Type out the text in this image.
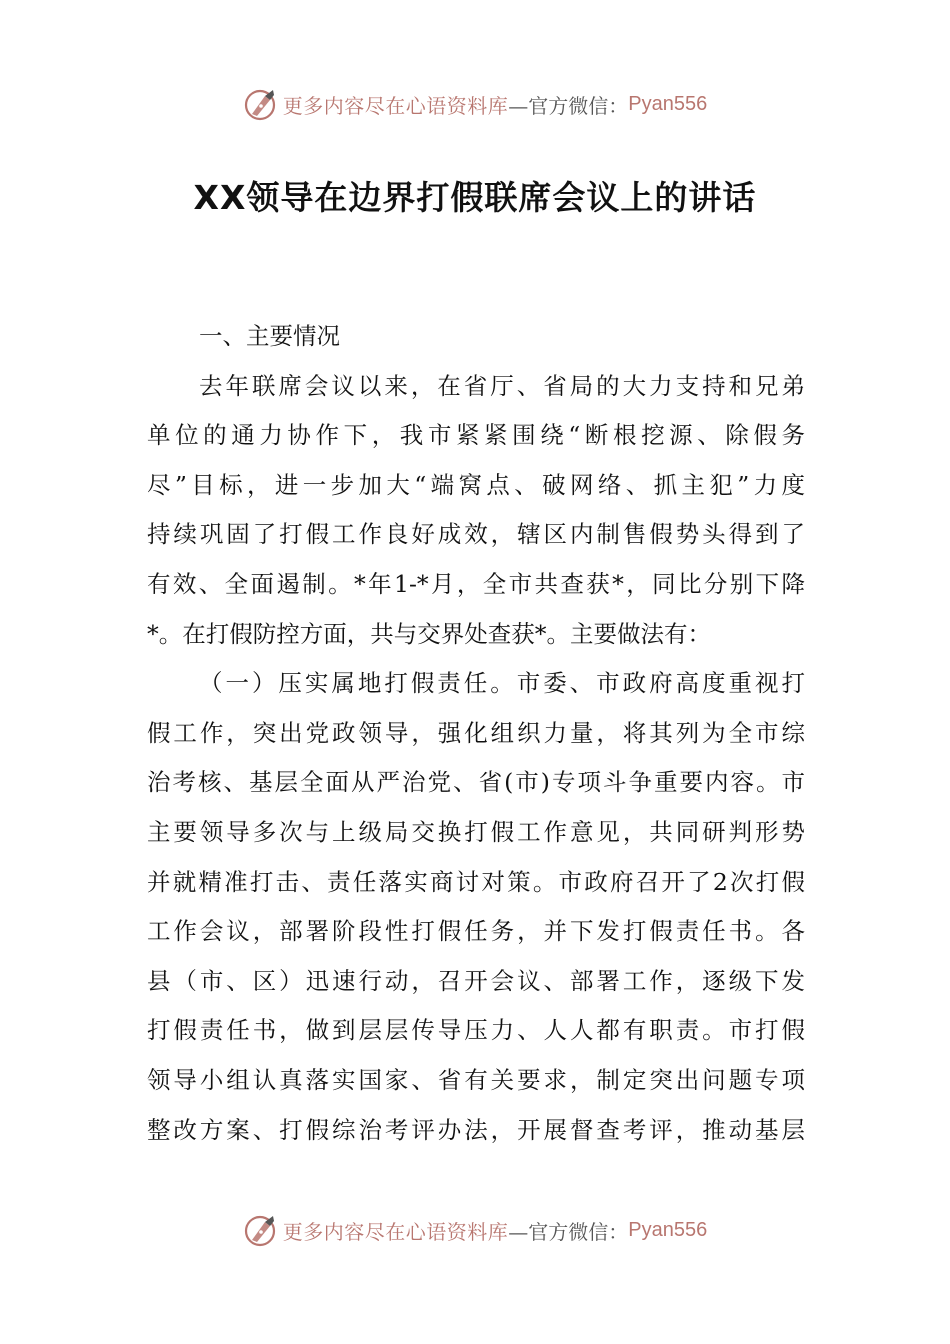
更多内容尽在心语资料库 —官方微信： Pyan556
XX领导在边界打假联席会议上的讲话
一、主要情况
去年联席会议以来，在省厅、省局的大力支持和兄弟
单位的通力协作下，我市紧紧围绕“断根挖源、除假务
尽”目标，进一步加大“端窝点、破网络、抓主犯”力度
持续巩固了打假工作良好成效，辖区内制售假势头得到了
有效、全面遏制。*年1-*月，全市共查获*，同比分别下降
*。在打假防控方面，共与交界处查获*。主要做法有：
（一）压实属地打假责任。市委、市政府高度重视打
假工作，突出党政领导，强化组织力量，将其列为全市综
治考核、基层全面从严治党、省(市)专项斗争重要内容。市
主要领导多次与上级局交换打假工作意见，共同研判形势
并就精准打击、责任落实商讨对策。市政府召开了2次打假
工作会议，部署阶段性打假任务，并下发打假责任书。各
县（市、区）迅速行动，召开会议、部署工作，逐级下发
打假责任书，做到层层传导压力、人人都有职责。市打假
领导小组认真落实国家、省有关要求，制定突出问题专项
整改方案、打假综治考评办法，开展督查考评，推动基层
更多内容尽在心语资料库 —官方微信： Pyan556
